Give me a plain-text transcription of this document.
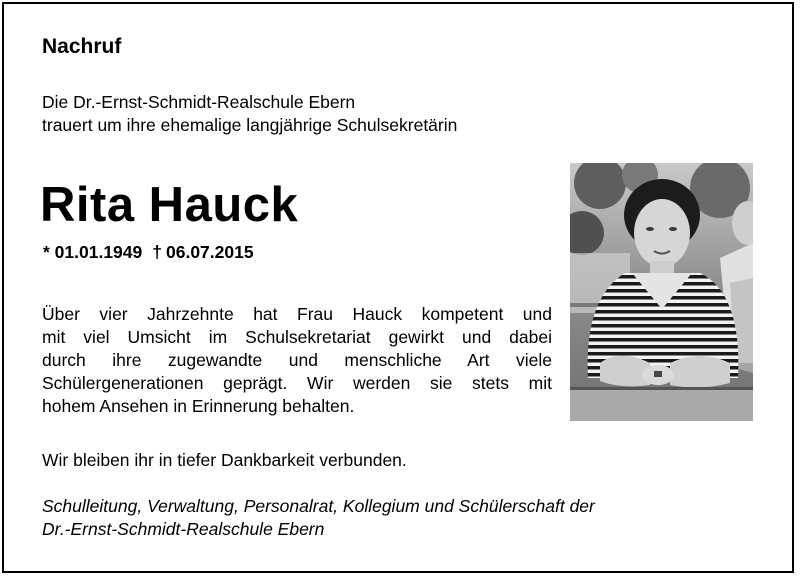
Nachruf
Die Dr.-Ernst-Schmidt-Realschule Ebern
trauert um ihre ehemalige langjährige Schulsekretärin
Rita Hauck
* 01.01.1949 † 06.07.2015
Über vier Jahrzehnte hat Frau Hauck kompetent und
mit viel Umsicht im Schulsekretariat gewirkt und dabei
durch ihre zugewandte und menschliche Art viele
Schülergenerationen geprägt. Wir werden sie stets mit
hohem Ansehen in Erinnerung behalten.
Wir bleiben ihr in tiefer Dankbarkeit verbunden.
Schulleitung, Verwaltung, Personalrat, Kollegium und Schülerschaft der
Dr.-Ernst-Schmidt-Realschule Ebern
